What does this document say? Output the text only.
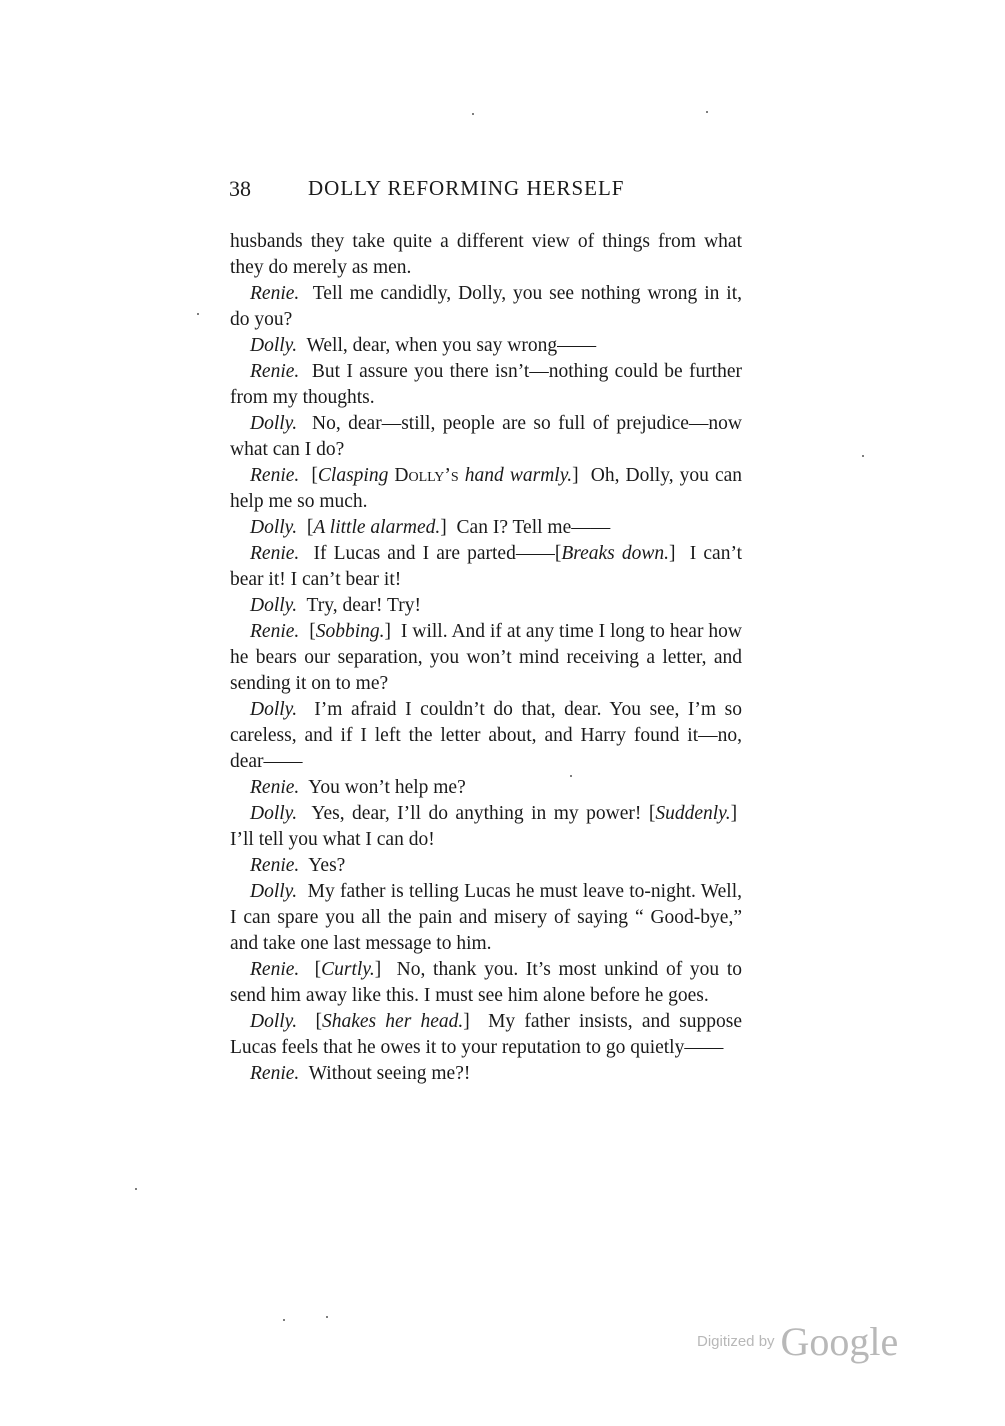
38	DOLLY REFORMING HERSELF

husbands they take quite a different view of things from what they do merely as men.

Renie. Tell me candidly, Dolly, you see nothing wrong in it, do you?

Dolly. Well, dear, when you say wrong——

Renie. But I assure you there isn’t—nothing could be further from my thoughts.

Dolly. No, dear—still, people are so full of prejudice—now what can I do?

Renie.  [Clasping Dolly’s hand warmly.]  Oh, Dolly, you can help me so much.

Dolly.  [A little alarmed.]  Can I? Tell me——

Renie. If Lucas and I are parted——[Breaks down.]  I can’t bear it! I can’t bear it!

Dolly. Try, dear! Try!

Renie.  [Sobbing.]  I will. And if at any time I long to hear how he bears our separation, you won’t mind receiving a letter, and sending it on to me?

Dolly. I’m afraid I couldn’t do that, dear. You see, I’m so careless, and if I left the letter about, and Harry found it—no, dear——

Renie. You won’t help me?

Dolly. Yes, dear, I’ll do anything in my power! [Suddenly.]  I’ll tell you what I can do!

Renie. Yes?

Dolly. My father is telling Lucas he must leave to-night. Well, I can spare you all the pain and misery of saying “ Good-bye,” and take one last message to him.

Renie.  [Curtly.]  No, thank you. It’s most unkind of you to send him away like this. I must see him alone before he goes.

Dolly.  [Shakes her head.]  My father insists, and suppose Lucas feels that he owes it to your reputation to go quietly——

Renie. Without seeing me?!

Digitized by Google
